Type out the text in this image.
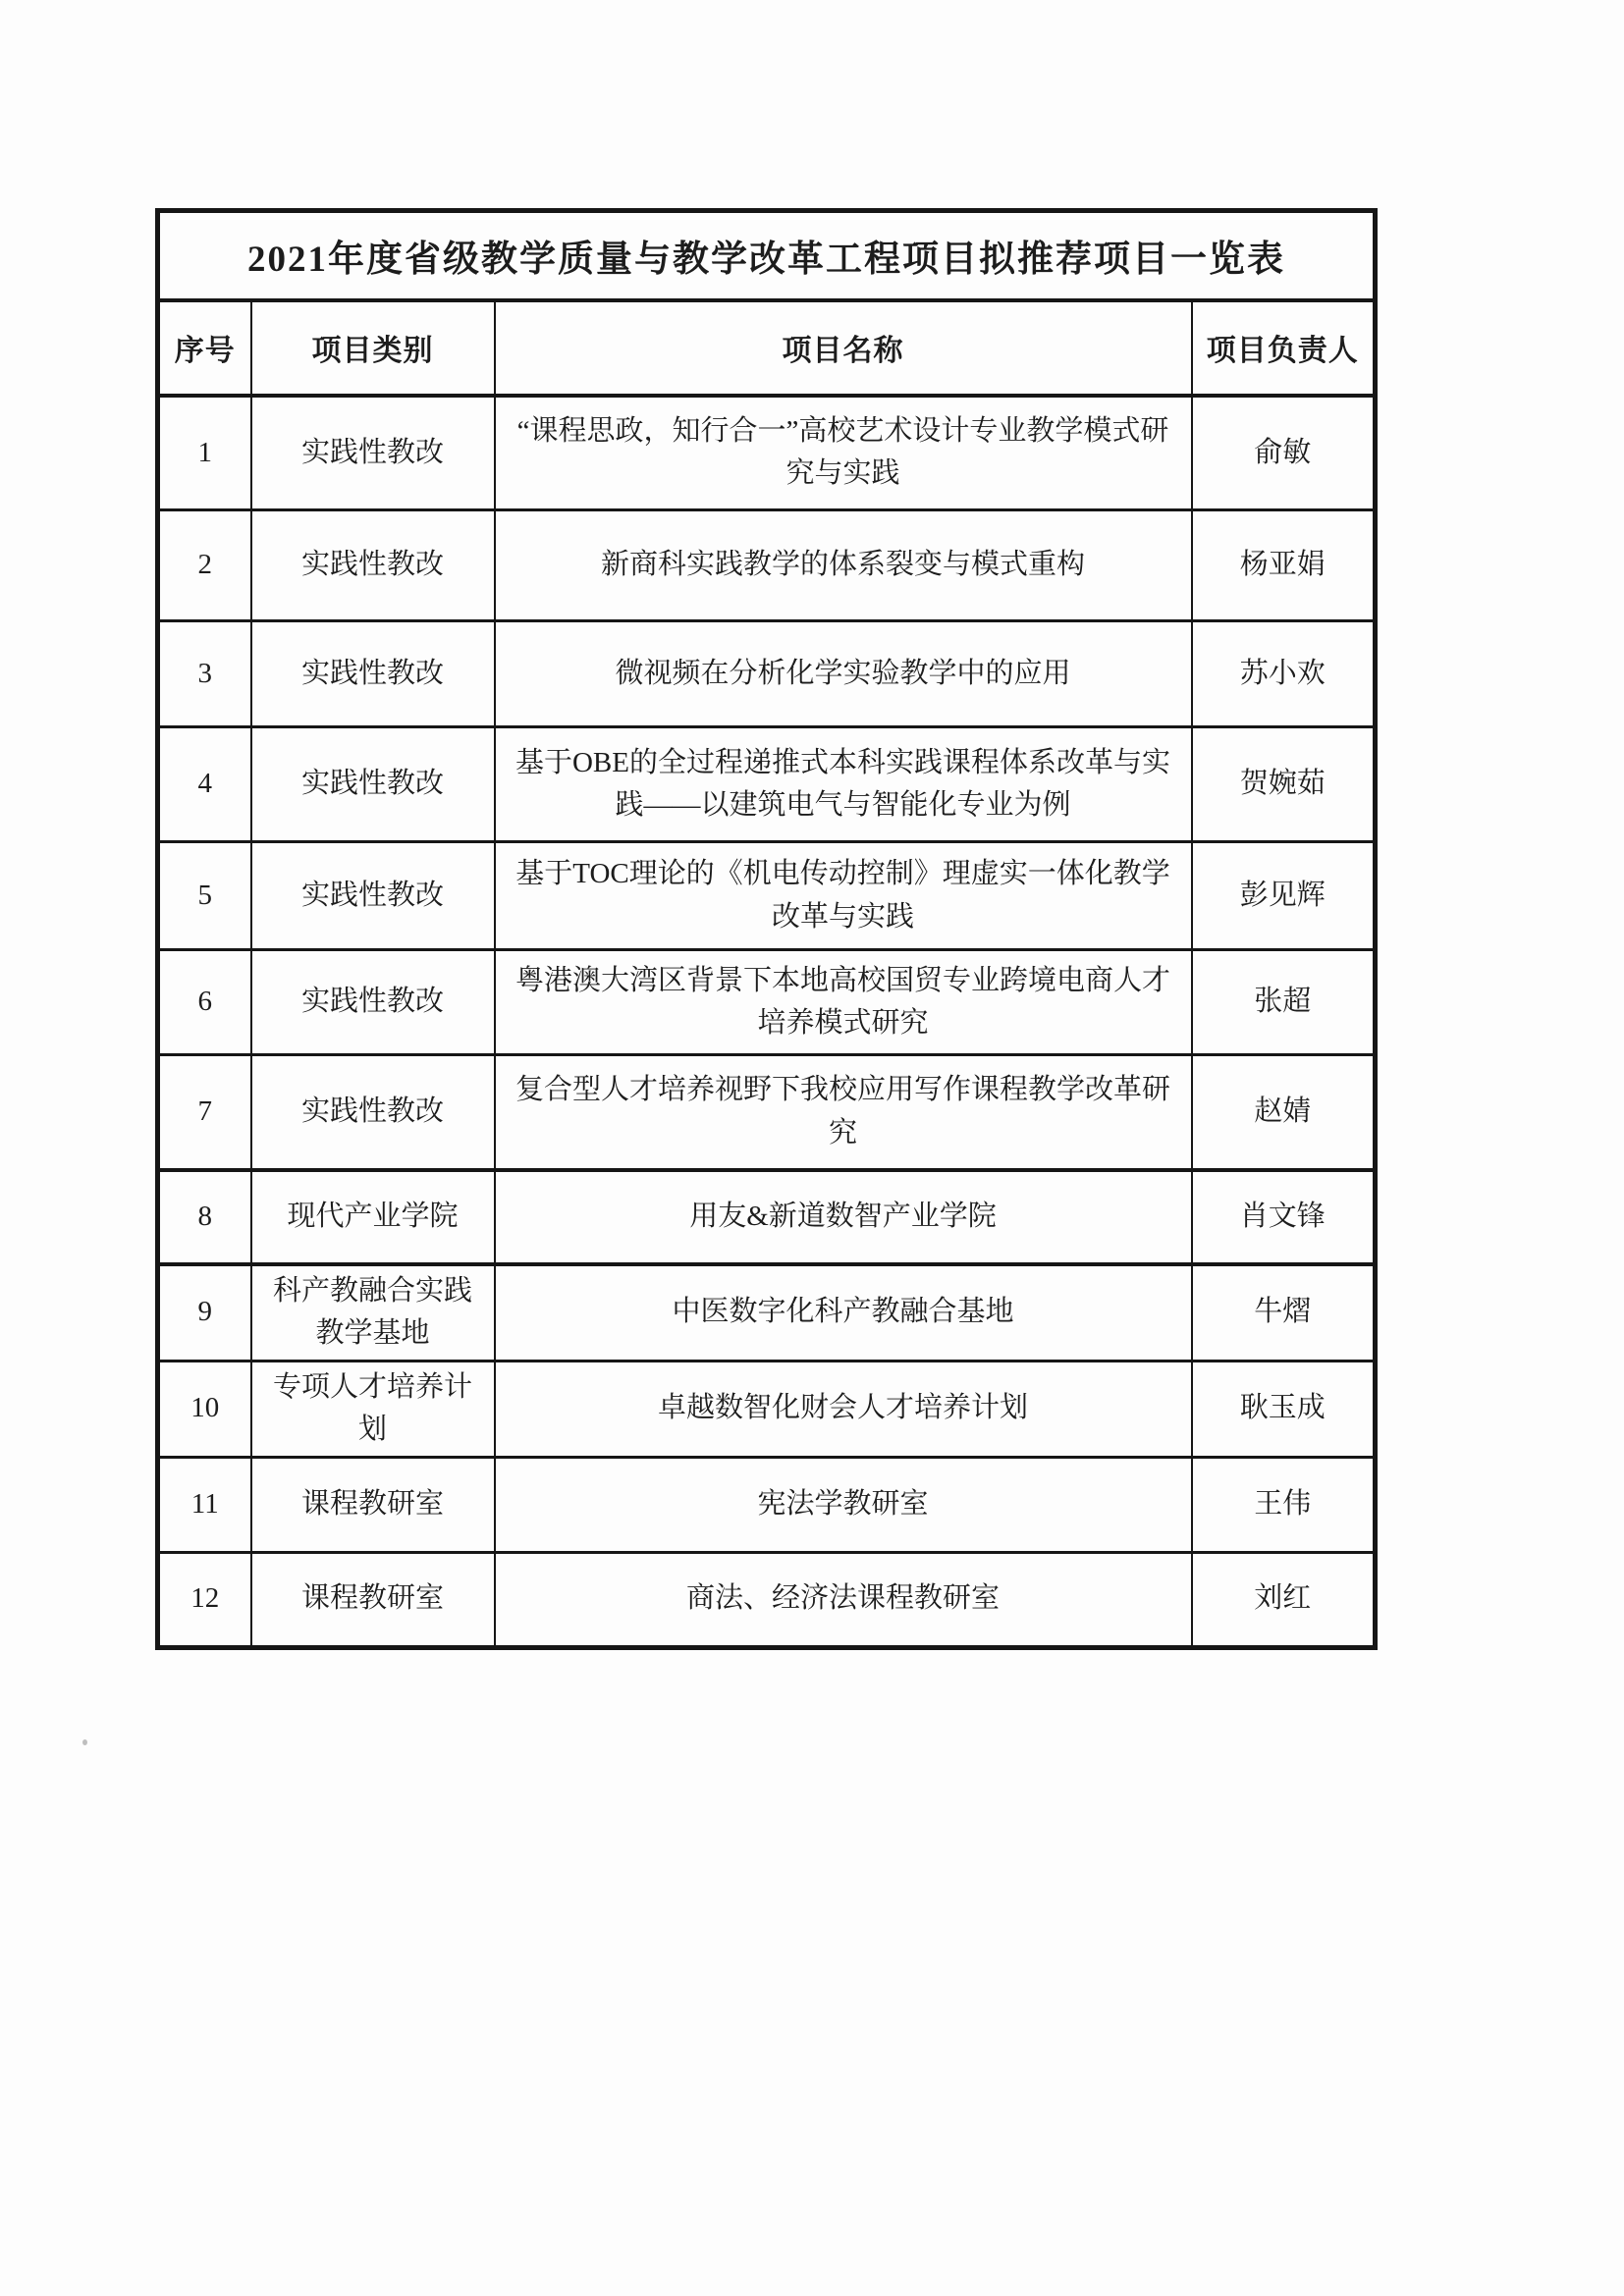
2021年度省级教学质量与教学改革工程项目拟推荐项目一览表			
序号	项目类别	项目名称	项目负责人
1	实践性教改	“课程思政，知行合一”高校艺术设计专业教学模式研究与实践	俞敏
2	实践性教改	新商科实践教学的体系裂变与模式重构	杨亚娟
3	实践性教改	微视频在分析化学实验教学中的应用	苏小欢
4	实践性教改	基于OBE的全过程递推式本科实践课程体系改革与实践——以建筑电气与智能化专业为例	贺婉茹
5	实践性教改	基于TOC理论的《机电传动控制》理虚实一体化教学改革与实践	彭见辉
6	实践性教改	粤港澳大湾区背景下本地高校国贸专业跨境电商人才培养模式研究	张超
7	实践性教改	复合型人才培养视野下我校应用写作课程教学改革研究	赵婧
8	现代产业学院	用友&新道数智产业学院	肖文锋
9	科产教融合实践教学基地	中医数字化科产教融合基地	牛熠
10	专项人才培养计划	卓越数智化财会人才培养计划	耿玉成
11	课程教研室	宪法学教研室	王伟
12	课程教研室	商法、经济法课程教研室	刘红
